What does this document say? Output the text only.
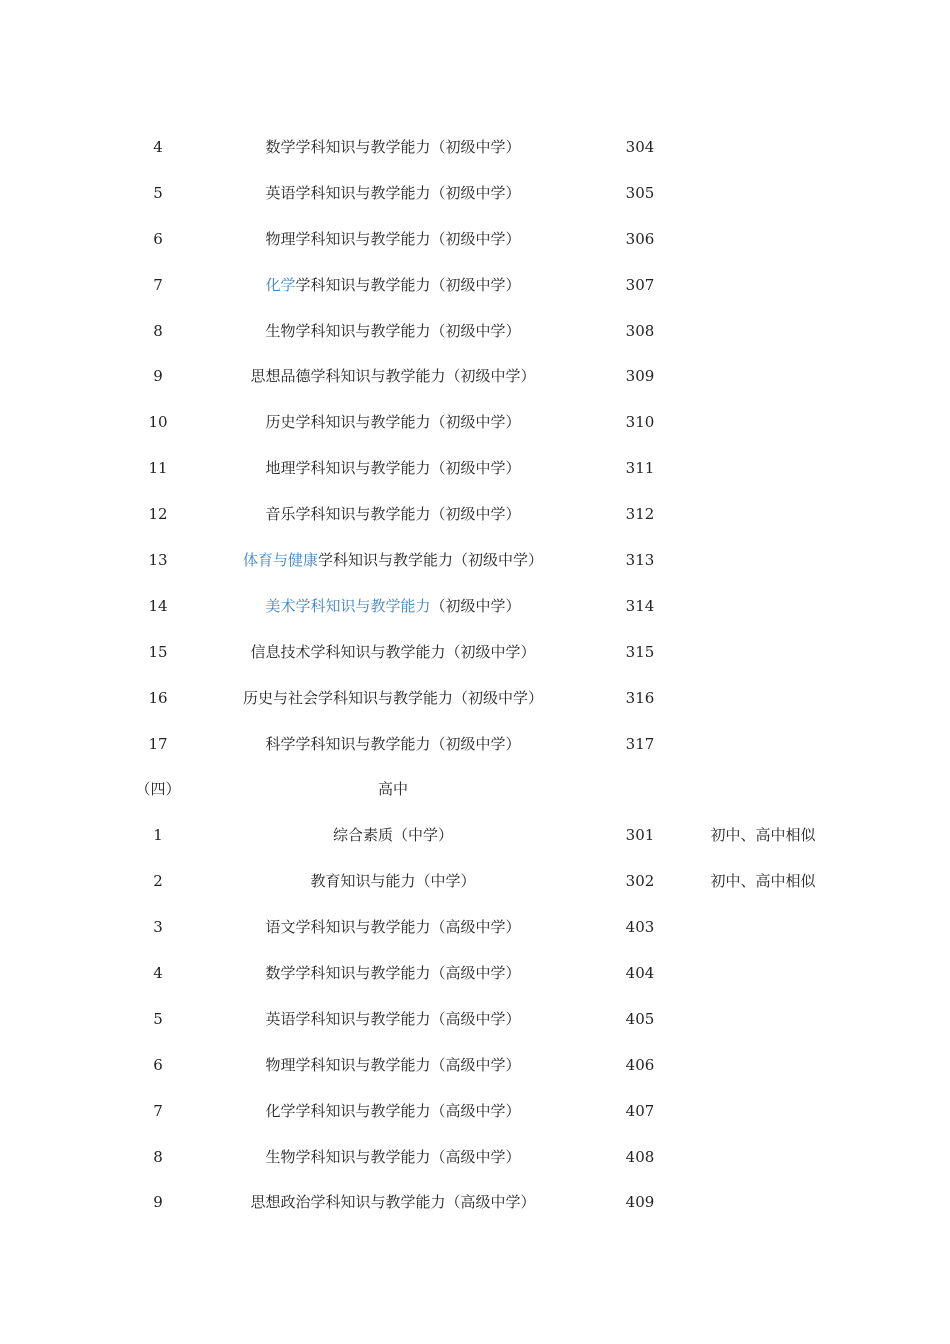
4	数学学科知识与教学能力（初级中学）	304
5	英语学科知识与教学能力（初级中学）	305
6	物理学科知识与教学能力（初级中学）	306
7	化学学科知识与教学能力（初级中学）	307
8	生物学科知识与教学能力（初级中学）	308
9	思想品德学科知识与教学能力（初级中学）	309
10	历史学科知识与教学能力（初级中学）	310
11	地理学科知识与教学能力（初级中学）	311
12	音乐学科知识与教学能力（初级中学）	312
13	体育与健康学科知识与教学能力（初级中学）	313
14	美术学科知识与教学能力（初级中学）	314
15	信息技术学科知识与教学能力（初级中学）	315
16	历史与社会学科知识与教学能力（初级中学）	316
17	科学学科知识与教学能力（初级中学）	317
（四）	高中
1	综合素质（中学）	301	初中、高中相似
2	教育知识与能力（中学）	302	初中、高中相似
3	语文学科知识与教学能力（高级中学）	403
4	数学学科知识与教学能力（高级中学）	404
5	英语学科知识与教学能力（高级中学）	405
6	物理学科知识与教学能力（高级中学）	406
7	化学学科知识与教学能力（高级中学）	407
8	生物学科知识与教学能力（高级中学）	408
9	思想政治学科知识与教学能力（高级中学）	409
